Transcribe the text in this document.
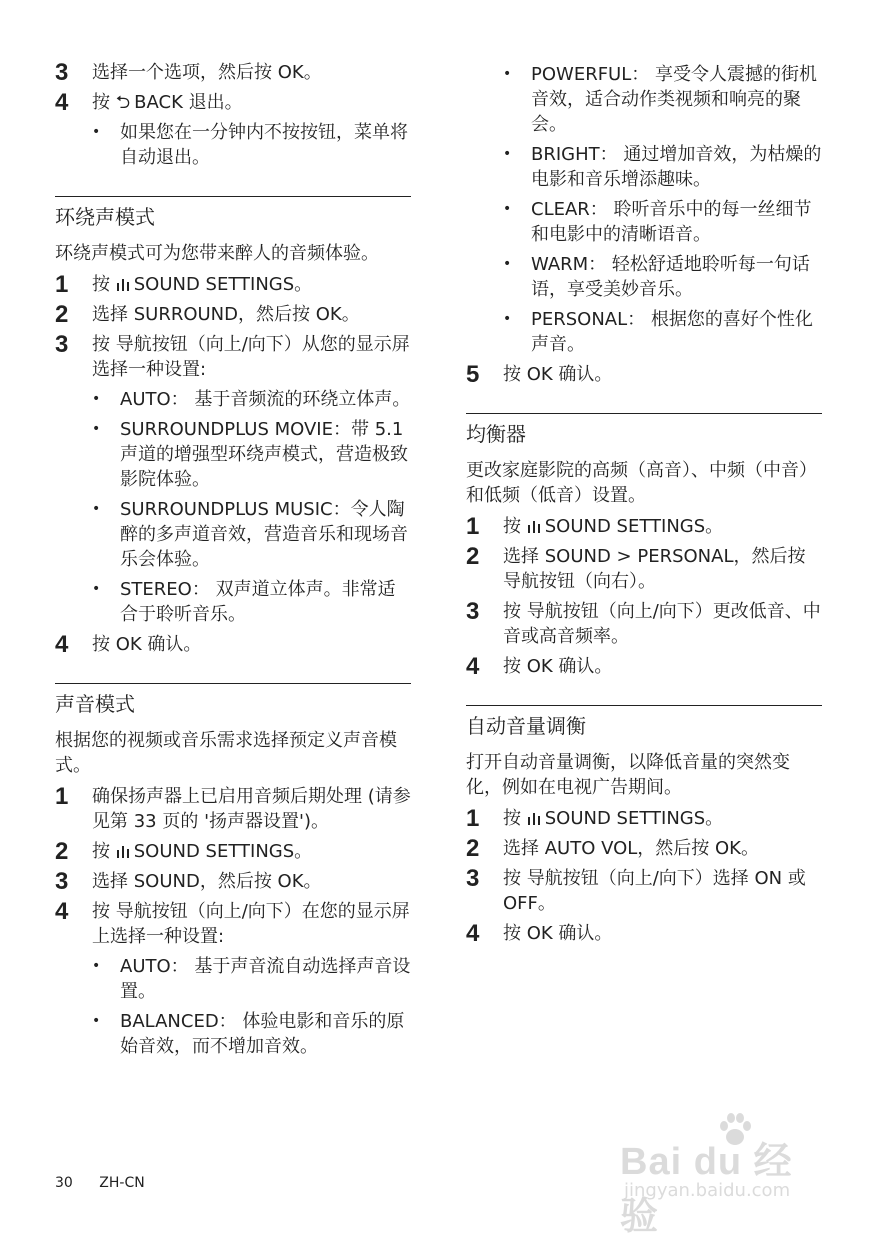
3	选择一个选项，然后按 OK。
4	按 ⮌ BACK 退出。
• 如果您在一分钟内不按按钮，菜单将自动退出。
环绕声模式
环绕声模式可为您带来醉人的音频体验。
1	按
SOUND SETTINGS。
2	选择 SURROUND，然后按 OK。
3	按 导航按钮（向上/向下）从您的显示屏选择一种设置:
• AUTO： 基于音频流的环绕立体声。
• SURROUNDPLUS MOVIE：带 5.1 声道的增强型环绕声模式，营造极致影院体验。
• SURROUNDPLUS MUSIC：令人陶醉的多声道音效，营造音乐和现场音乐会体验。
• STEREO： 双声道立体声。非常适合于聆听音乐。
4	按 OK 确认。
声音模式
根据您的视频或音乐需求选择预定义声音模式。
1	确保扬声器上已启用音频后期处理 (请参见第 33 页的 '扬声器设置')。
2	按
SOUND SETTINGS。
3	选择 SOUND，然后按 OK。
4	按 导航按钮（向上/向下）在您的显示屏上选择一种设置:
• AUTO： 基于声音流自动选择声音设置。
• BALANCED： 体验电影和音乐的原始音效，而不增加音效。
• POWERFUL： 享受令人震撼的街机音效，适合动作类视频和响亮的聚会。
• BRIGHT： 通过增加音效，为枯燥的电影和音乐增添趣味。
• CLEAR： 聆听音乐中的每一丝细节和电影中的清晰语音。
• WARM： 轻松舒适地聆听每一句话语，享受美妙音乐。
• PERSONAL： 根据您的喜好个性化声音。
5	按 OK 确认。
均衡器
更改家庭影院的高频（高音）、中频（中音）和低频（低音）设置。
1	按
SOUND SETTINGS。
2	选择 SOUND > PERSONAL，然后按 导航按钮（向右）。
3	按 导航按钮（向上/向下）更改低音、中音或高音频率。
4	按 OK 确认。
自动音量调衡
打开自动音量调衡，以降低音量的突然变化，例如在电视广告期间。
1	按
SOUND SETTINGS。
2	选择 AUTO VOL，然后按 OK。
3	按 导航按钮（向上/向下）选择 ON 或 OFF。
4	按 OK 确认。
30 ZH-CN	Bai du 经验
jingyan.baidu.com
